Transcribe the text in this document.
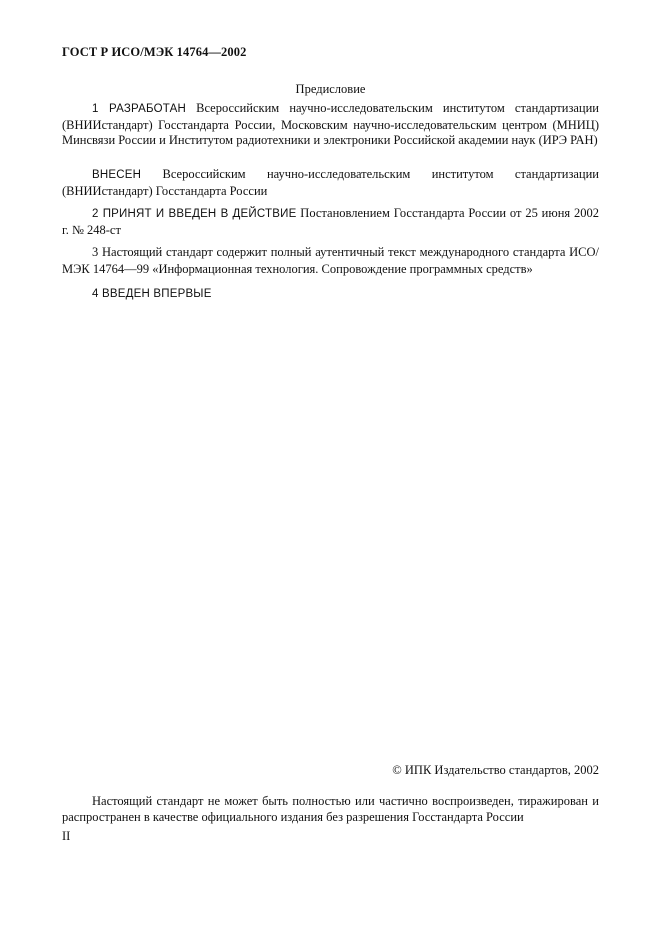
ГОСТ Р ИСО/МЭК 14764—2002
Предисловие
1 РАЗРАБОТАН Всероссийским научно-исследовательским институтом стандартизации (ВНИИстандарт) Госстандарта России, Московским научно-исследовательским центром (МНИЦ) Минсвязи России и Институтом радиотехники и электроники Российской академии наук (ИРЭ РАН)
ВНЕСЕН Всероссийским научно-исследовательским институтом стандартизации (ВНИИстандарт) Госстандарта России
2 ПРИНЯТ И ВВЕДЕН В ДЕЙСТВИЕ Постановлением Госстандарта России от 25 июня 2002 г. № 248-ст
3 Настоящий стандарт содержит полный аутентичный текст международного стандарта ИСО/МЭК 14764—99 «Информационная технология. Сопровождение программных средств»
4 ВВЕДЕН ВПЕРВЫЕ
© ИПК Издательство стандартов, 2002
Настоящий стандарт не может быть полностью или частично воспроизведен, тиражирован и распространен в качестве официального издания без разрешения Госстандарта России
II
